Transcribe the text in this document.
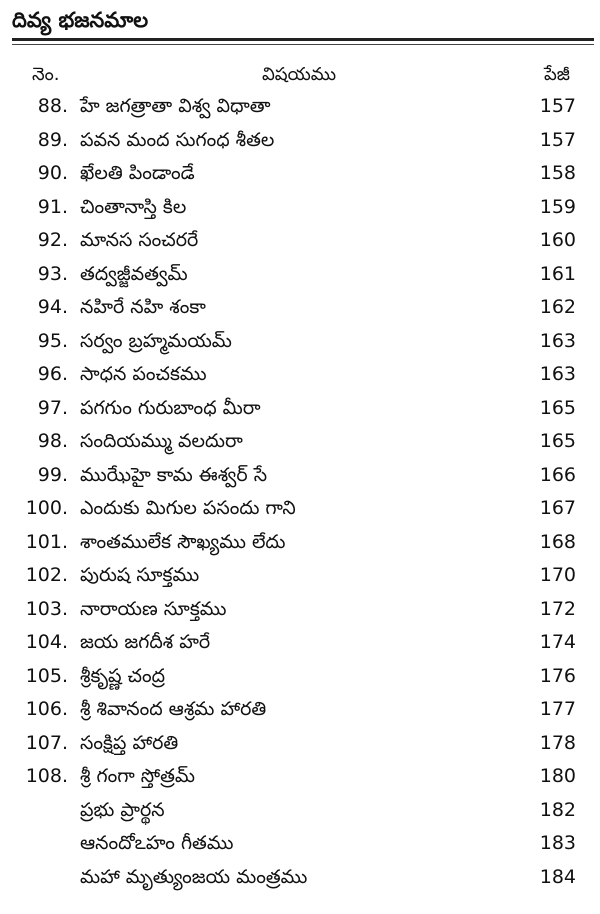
దివ్య భజనమాల
నెం.	విషయము	పేజీ
88. హే జగత్రాతా విశ్వ విధాతా	157
89. పవన మంద సుగంధ శీతల	157
90. ఖేలతి పిండాండే	158
91. చింతానాస్తి కిల	159
92. మానస సంచరరే	160
93. తద్వజ్జీవత్వమ్	161
94. నహిరే నహి శంకా	162
95. సర్వం బ్రహ్మమయమ్	163
96. సాధన పంచకము	163
97. పగగుం గురుబాంధ మీరా	165
98. సందియమ్ము వలదురా	165
99. ముఝేహై కామ ఈశ్వర్ సే	166
100. ఎందుకు మిగుల పసందు గాని	167
101. శాంతములేక సౌఖ్యము లేదు	168
102. పురుష సూక్తము	170
103. నారాయణ సూక్తము	172
104. జయ జగదీశ హరే	174
105. శ్రీకృష్ణ చంద్ర	176
106. శ్రీ శివానంద ఆశ్రమ హారతి	177
107. సంక్షిప్త హారతి	178
108. శ్రీ గంగా స్తోత్రమ్	180
ప్రభు ప్రార్థన	182
ఆనందోఽహం గీతము	183
మహా మృత్యుంజయ మంత్రము	184
